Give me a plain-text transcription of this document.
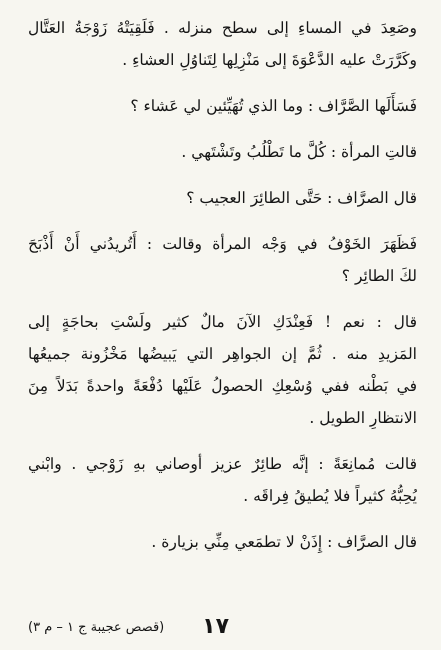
وصَعِدَ في المساءِ إلى سطح منزله . فَلَقِيَتْهُ زَوْجَةُ العَتَّال

وكَرَّرَتْ عليه الدَّعْوَةَ إلى مَنْزِلِها لِتَناوُلِ العشاءِ .

فَسَأَلَها الصَّرَّاف : وما الذي تُهَيِّئين لي عَشاء ؟

قالتِ المرأة : كُلَّ ما تَطْلُبُ وتَشْتَهي .

قال الصرَّاف : حَتَّى الطائِرَ العجيب ؟

فَظَهَرَ الخَوْفُ في وَجْه المرأة وقالت : أَتُريدُني أَنْ أَذْبَحَ

لكَ الطائِر ؟

قال : نعم ! فَعِنْدَكِ الآنَ مالٌ كثير ولَسْتِ بحاجَةٍ إلى

المَزيدِ منه . ثُمَّ إن الجواهِر التي يَبيضُها مَخْزُونة جميعُها

في بَطْنه ففي وُسْعِكِ الحصولُ عَلَيْها دُفْعَةً واحدةً بَدَلاً مِنَ

الانتظارِ الطويل .

قالت مُمانِعَةً : إنَّه طائِرٌ عزيز أوصاني بهِ زَوْجي . وابْني

يُحِبُّهُ كثيراً فلا يُطيقُ فِراقَه .

قال الصرَّاف : إِذَنْ لا تطمَعي مِنِّي بزيارة .

١٧
(قصص عجيبة ج ١ – م ٣)
